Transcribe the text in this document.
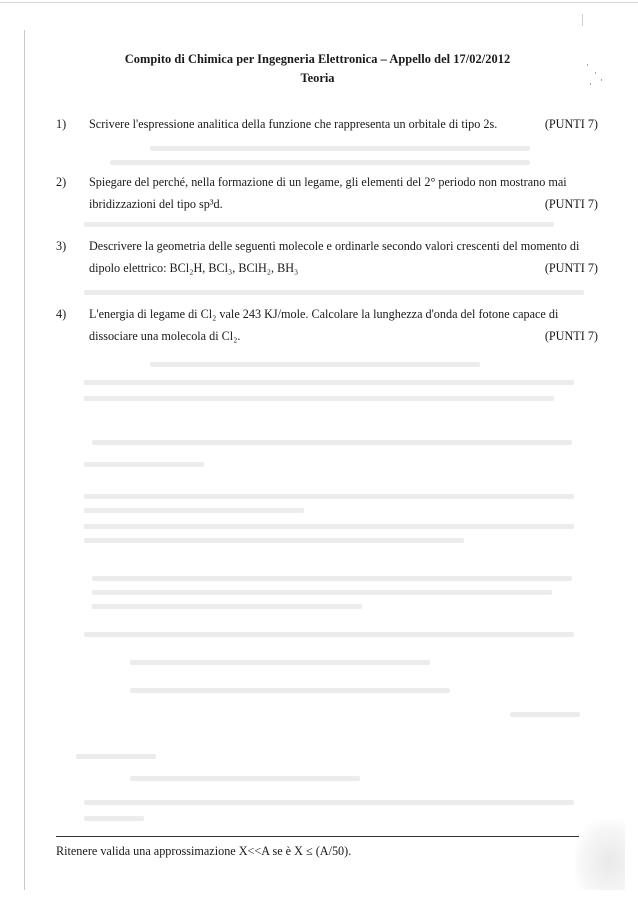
Compito di Chimica per Ingegneria Elettronica – Appello del 17/02/2012
Teoria
·
·
·
·
1) Scrivere l'espressione analitica della funzione che rappresenta un orbitale di tipo 2s.	(PUNTI 7)
2) Spiegare del perché, nella formazione di un legame, gli elementi del 2° periodo non mostrano mai
ibridizzazioni del tipo sp³d.	(PUNTI 7)
3) Descrivere la geometria delle seguenti molecole e ordinarle secondo valori crescenti del momento di
dipolo elettrico: BCl₂H, BCl₃, BClH₂, BH₃	(PUNTI 7)
4) L'energia di legame di Cl₂ vale 243 KJ/mole. Calcolare la lunghezza d'onda del fotone capace di
dissociare una molecola di Cl₂.	(PUNTI 7)
Ritenere valida una approssimazione X<<A se è X ≤ (A/50).
